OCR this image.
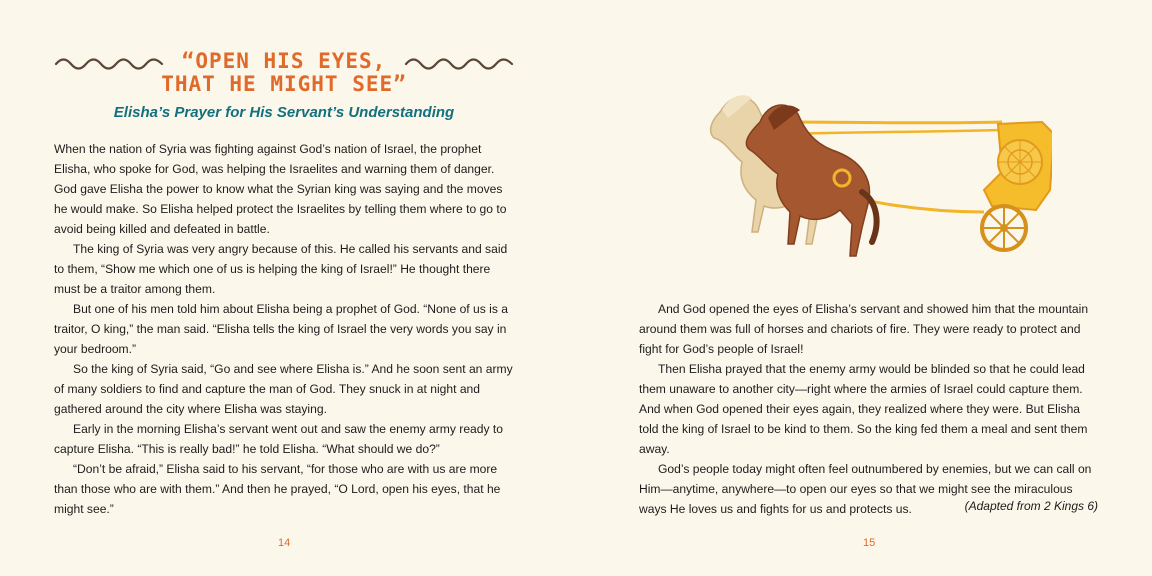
“OPEN HIS EYES,
THAT HE MIGHT SEE”
Elisha’s Prayer for His Servant’s Understanding

When the nation of Syria was fighting against God’s nation of Israel, the prophet Elisha, who spoke for God, was helping the Israelites and warning them of danger. God gave Elisha the power to know what the Syrian king was saying and the moves he would make. So Elisha helped protect the Israelites by telling them where to go to avoid being killed and defeated in battle.

The king of Syria was very angry because of this. He called his servants and said to them, “Show me which one of us is helping the king of Israel!” He thought there must be a traitor among them.

But one of his men told him about Elisha being a prophet of God. “None of us is a traitor, O king,” the man said. “Elisha tells the king of Israel the very words you say in your bedroom.”

So the king of Syria said, “Go and see where Elisha is.” And he soon sent an army of many soldiers to find and capture the man of God. They snuck in at night and gathered around the city where Elisha was staying.

Early in the morning Elisha’s servant went out and saw the enemy army ready to capture Elisha. “This is really bad!” he told Elisha. “What should we do?”

“Don’t be afraid,” Elisha said to his servant, “for those who are with us are more than those who are with them.” And then he prayed, “O Lord, open his eyes, that he might see.”

14

And God opened the eyes of Elisha’s servant and showed him that the mountain around them was full of horses and chariots of fire. They were ready to protect and fight for God’s people of Israel!

Then Elisha prayed that the enemy army would be blinded so that he could lead them unaware to another city—right where the armies of Israel could capture them. And when God opened their eyes again, they realized where they were. But Elisha told the king of Israel to be kind to them. So the king fed them a meal and sent them away.

God’s people today might often feel outnumbered by enemies, but we can call on Him—anytime, anywhere—to open our eyes so that we might see the miraculous ways He loves us and fights for us and protects us.	(Adapted from 2 Kings 6)
15
